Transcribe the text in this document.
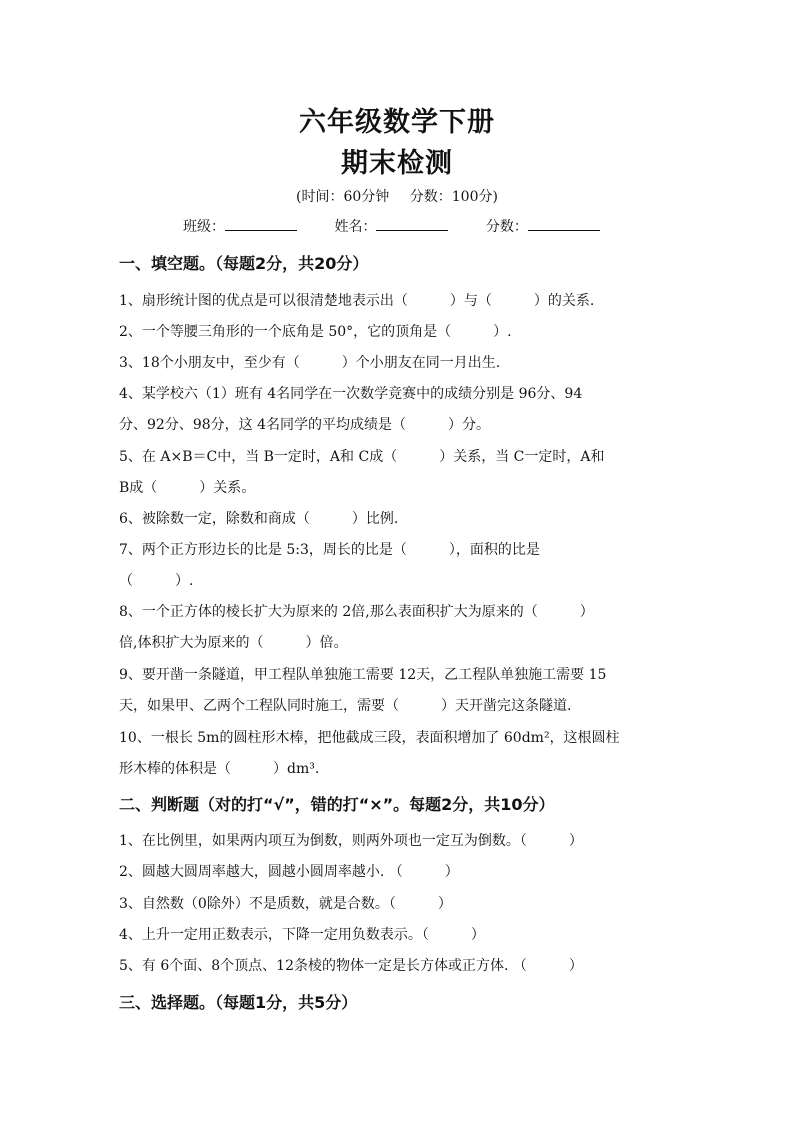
六年级数学下册
期末检测
(时间：60分钟 分数：100分)
班级：	姓名：	分数：
一、填空题。（每题2分，共20分）
1、扇形统计图的优点是可以很清楚地表示出（　　　）与（　　　）的关系.
2、一个等腰三角形的一个底角是 50°，它的顶角是（　　　）.
3、18个小朋友中，至少有（　　　）个小朋友在同一月出生.
4、某学校六（1）班有 4名同学在一次数学竞赛中的成绩分别是 96分、94
分、92分、98分，这 4名同学的平均成绩是（　　　）分。
5、在 A×B＝C中，当 B一定时，A和 C成（　　　）关系，当 C一定时，A和
B成（　　　）关系。
6、被除数一定，除数和商成（　　　）比例.
7、两个正方形边长的比是 5:3，周长的比是（　　　），面积的比是
（　　　）.
8、一个正方体的棱长扩大为原来的 2倍,那么表面积扩大为原来的（　　　）
倍,体积扩大为原来的（　　　）倍。
9、要开凿一条隧道，甲工程队单独施工需要 12天，乙工程队单独施工需要 15
天，如果甲、乙两个工程队同时施工，需要（　　　）天开凿完这条隧道.
10、一根长 5m的圆柱形木棒，把他截成三段，表面积增加了 60dm²，这根圆柱
形木棒的体积是（　　　）dm³.
二、判断题（对的打“√”，错的打“×”。每题2分，共10分）
1、在比例里，如果两内项互为倒数，则两外项也一定互为倒数。（　　　）
2、圆越大圆周率越大，圆越小圆周率越小. （　　　）
3、自然数（0除外）不是质数，就是合数。（　　　）
4、上升一定用正数表示，下降一定用负数表示。（　　　）
5、有 6个面、8个顶点、12条棱的物体一定是长方体或正方体. （　　　）
三、选择题。（每题1分，共5分）
